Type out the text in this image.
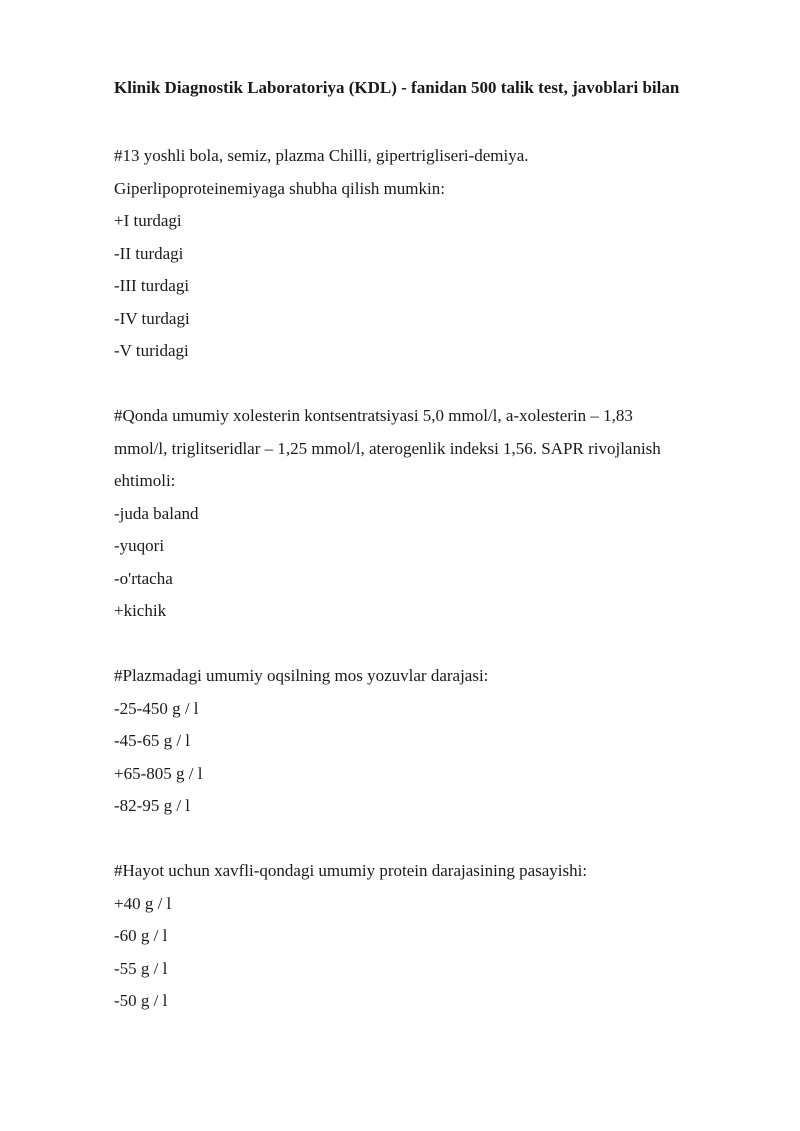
Klinik Diagnostik Laboratoriya (KDL) - fanidan 500 talik test, javoblari bilan

#13 yoshli bola, semiz, plazma Chilli, gipertrigliseri-demiya.

Giperlipoproteinemiyaga shubha qilish mumkin:

+I turdagi

-II turdagi

-III turdagi

-IV turdagi

-V turidagi

#Qonda umumiy xolesterin kontsentratsiyasi 5,0 mmol/l, a-xolesterin – 1,83

mmol/l, triglitseridlar – 1,25 mmol/l, aterogenlik indeksi 1,56. SAPR rivojlanish

ehtimoli:

-juda baland

-yuqori

-o'rtacha

+kichik

#Plazmadagi umumiy oqsilning mos yozuvlar darajasi:

-25-450 g / l

-45-65 g / l

+65-805 g / l

-82-95 g / l

#Hayot uchun xavfli-qondagi umumiy protein darajasining pasayishi:

+40 g / l

-60 g / l

-55 g / l

-50 g / l
